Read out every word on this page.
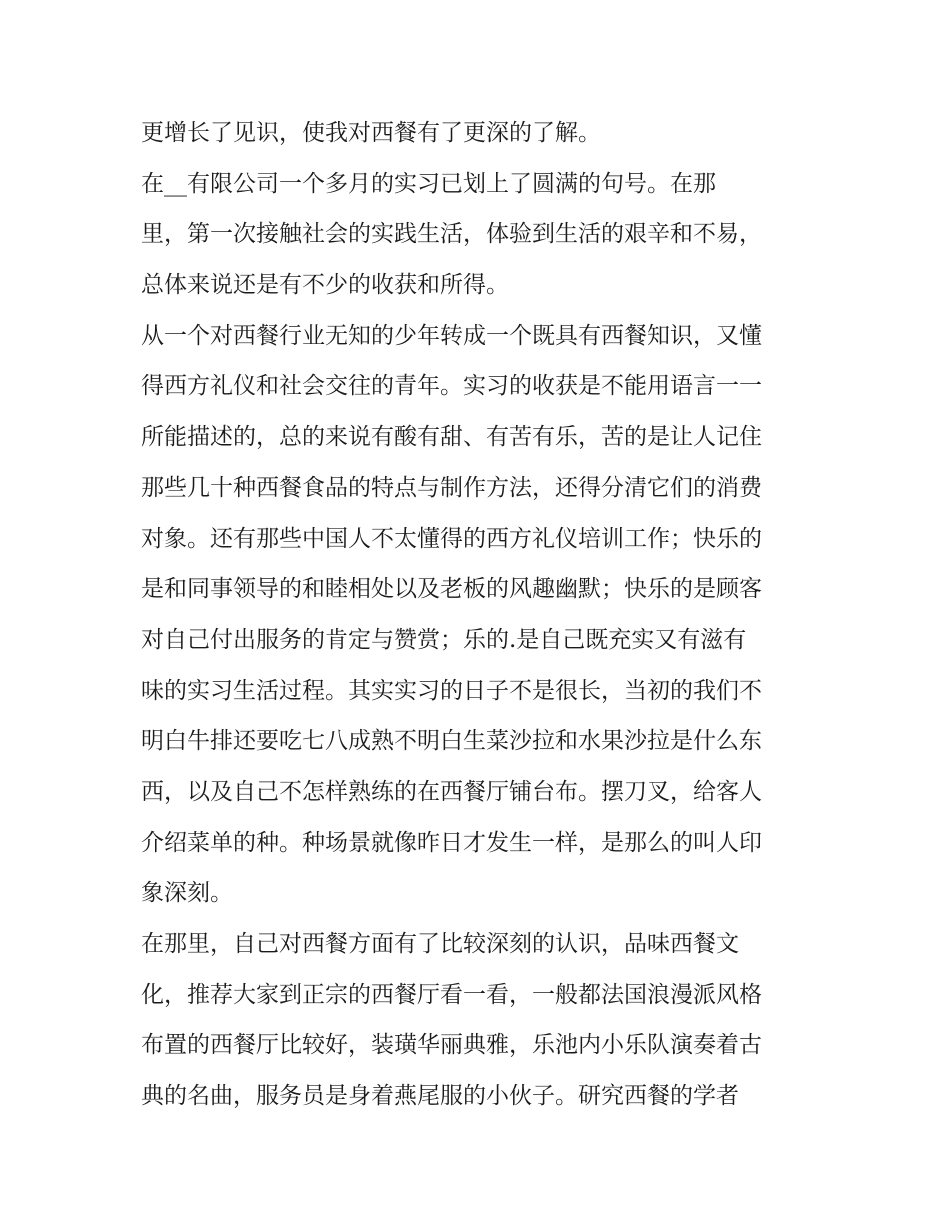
更增长了见识，使我对西餐有了更深的了解。
在__有限公司一个多月的实习已划上了圆满的句号。在那
里，第一次接触社会的实践生活，体验到生活的艰辛和不易，
总体来说还是有不少的收获和所得。
从一个对西餐行业无知的少年转成一个既具有西餐知识，又懂
得西方礼仪和社会交往的青年。实习的收获是不能用语言一一
所能描述的，总的来说有酸有甜、有苦有乐，苦的是让人记住
那些几十种西餐食品的特点与制作方法，还得分清它们的消费
对象。还有那些中国人不太懂得的西方礼仪培训工作；快乐的
是和同事领导的和睦相处以及老板的风趣幽默；快乐的是顾客
对自己付出服务的肯定与赞赏；乐的.是自己既充实又有滋有
味的实习生活过程。其实实习的日子不是很长，当初的我们不
明白牛排还要吃七八成熟不明白生菜沙拉和水果沙拉是什么东
西，以及自己不怎样熟练的在西餐厅铺台布。摆刀叉，给客人
介绍菜单的种。种场景就像昨日才发生一样，是那么的叫人印
象深刻。
在那里，自己对西餐方面有了比较深刻的认识，品味西餐文
化，推荐大家到正宗的西餐厅看一看，一般都法国浪漫派风格
布置的西餐厅比较好，装璜华丽典雅，乐池内小乐队演奏着古
典的名曲，服务员是身着燕尾服的小伙子。研究西餐的学者
